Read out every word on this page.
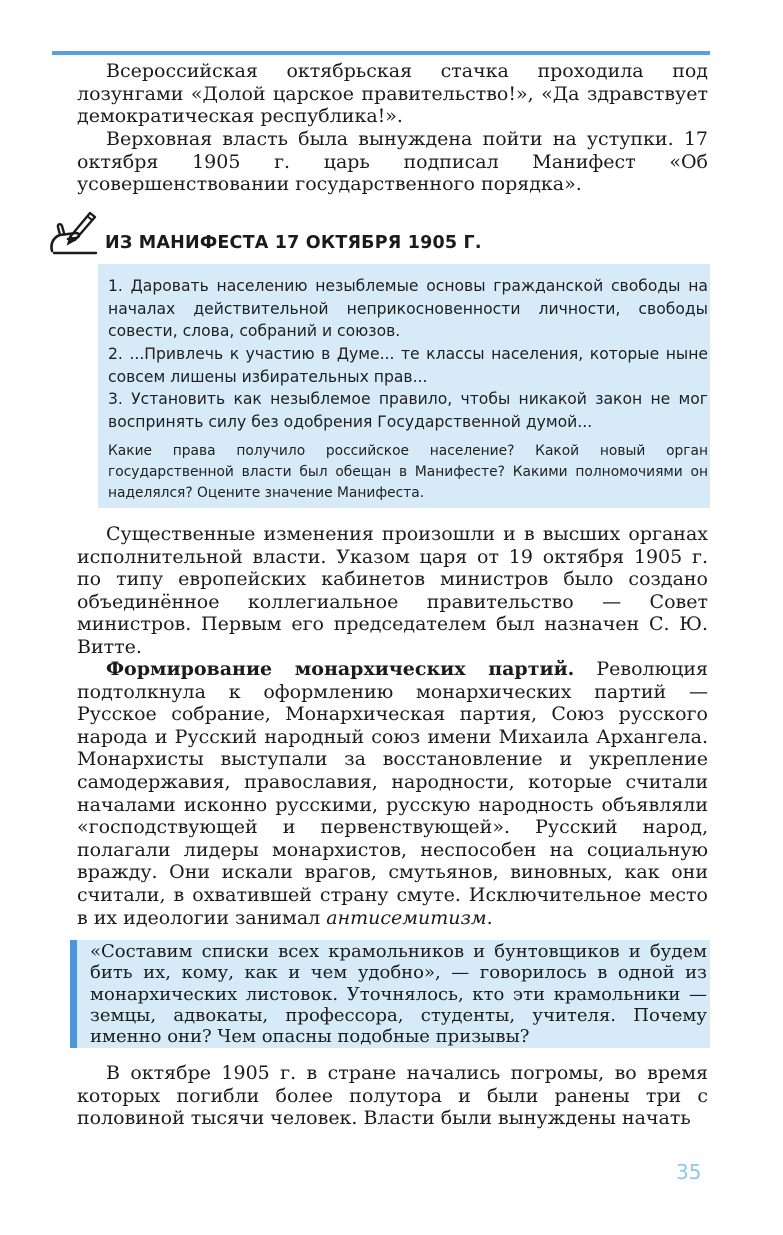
Всероссийская октябрьская стачка проходила под лозунгами «Долой царское правительство!», «Да здравствует демократическая республика!».

Верховная власть была вынуждена пойти на уступки. 17 октября 1905 г. царь подписал Манифест «Об усовершенствовании государственного порядка».

ИЗ МАНИФЕСТА 17 ОКТЯБРЯ 1905 Г.

1. Даровать населению незыблемые основы гражданской свободы на началах действительной неприкосновенности личности, свободы совести, слова, собраний и союзов.

2. ...Привлечь к участию в Думе... те классы населения, которые ныне совсем лишены избирательных прав...

3. Установить как незыблемое правило, чтобы никакой закон не мог воспринять силу без одобрения Государственной думой...

Какие права получило российское население? Какой новый орган государственной власти был обещан в Манифесте? Какими полномочиями он наделялся? Оцените значение Манифеста.

Существенные изменения произошли и в высших органах исполнительной власти. Указом царя от 19 октября 1905 г. по типу европейских кабинетов министров было создано объединённое коллегиальное правительство — Совет министров. Первым его председателем был назначен С. Ю. Витте.

Формирование монархических партий. Революция подтолкнула к оформлению монархических партий — Русское собрание, Монархическая партия, Союз русского народа и Русский народный союз имени Михаила Архангела. Монархисты выступали за восстановление и укрепление самодержавия, православия, народности, которые считали началами исконно русскими, русскую народность объявляли «господствующей и первенствующей». Русский народ, полагали лидеры монархистов, неспособен на социальную вражду. Они искали врагов, смутьянов, виновных, как они считали, в охватившей страну смуте. Исключительное место в их идеологии занимал антисемитизм.

«Составим списки всех крамольников и бунтовщиков и будем бить их, кому, как и чем удобно», — говорилось в одной из монархических листовок. Уточнялось, кто эти крамольники — земцы, адвокаты, профессора, студенты, учителя. Почему именно они? Чем опасны подобные призывы?

В октябре 1905 г. в стране начались погромы, во время которых погибли более полутора и были ранены три с половиной тысячи человек. Власти были вынуждены начать

35
